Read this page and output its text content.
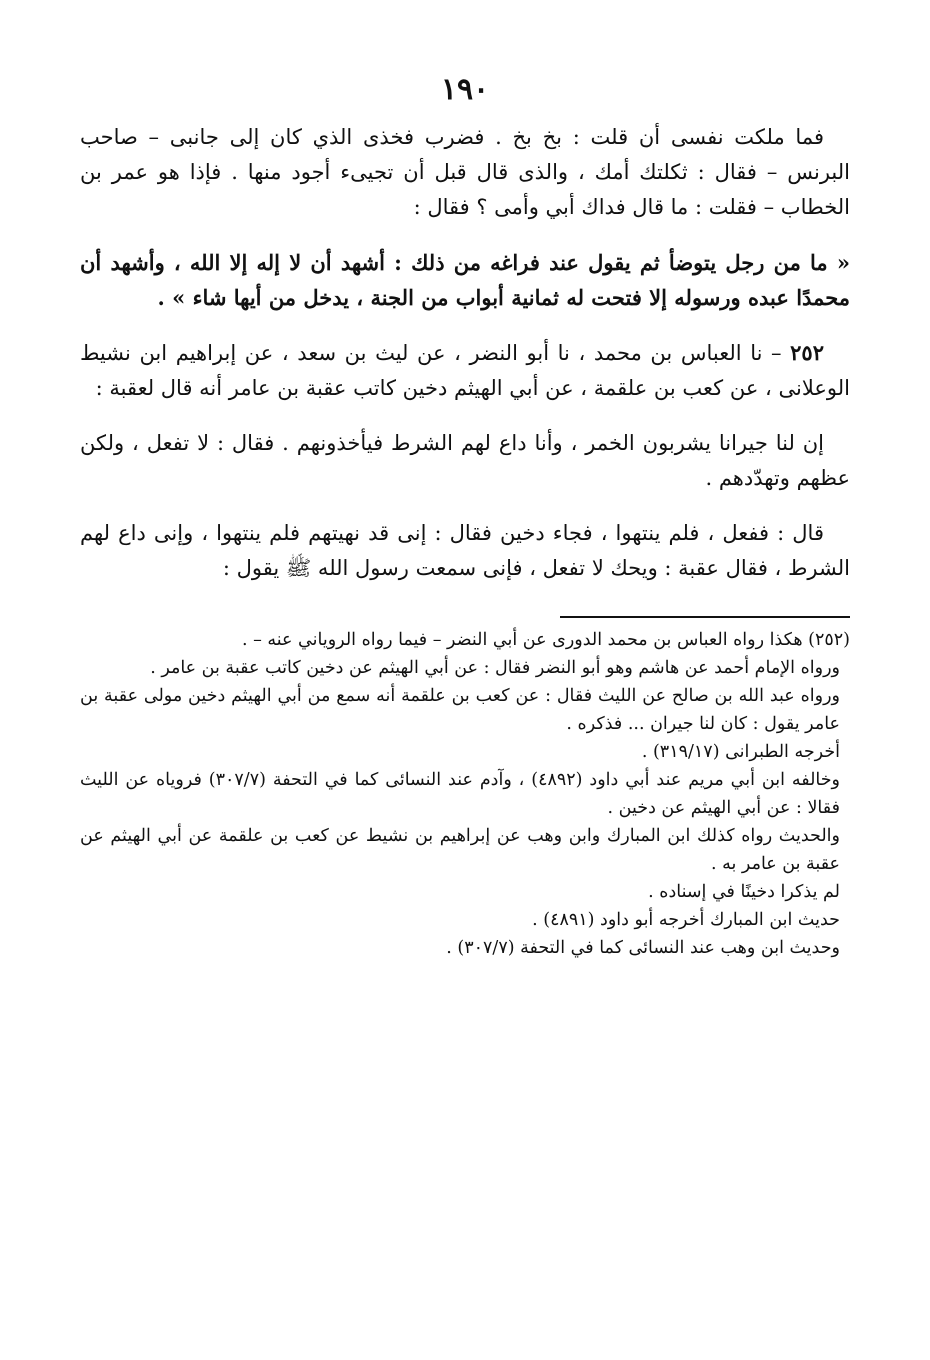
١٩٠

فما ملكت نفسى أن قلت : بخ بخ . فضرب فخذى الذي كان إلى جانبى – صاحب البرنس – فقال : ثكلتك أمك ، والذى قال قبل أن تجيىء أجود منها . فإذا هو عمر بن الخطاب – فقلت : ما قال فداك أبي وأمى ؟ فقال :

« ما من رجل يتوضأ ثم يقول عند فراغه من ذلك : أشهد أن لا إله إلا الله ، وأشهد أن محمدًا عبده ورسوله إلا فتحت له ثمانية أبواب من الجنة ، يدخل من أيها شاء » .

٢٥٢ – نا العباس بن محمد ، نا أبو النضر ، عن ليث بن سعد ، عن إبراهيم ابن نشيط الوعلانى ، عن كعب بن علقمة ، عن أبي الهيثم دخين كاتب عقبة بن عامر أنه قال لعقبة :

إن لنا جيرانا يشربون الخمر ، وأنا داع لهم الشرط فيأخذونهم . فقال : لا تفعل ، ولكن عظهم وتهدّدهم .

قال : ففعل ، فلم ينتهوا ، فجاء دخين فقال : إنى قد نهيتهم فلم ينتهوا ، وإنى داع لهم الشرط ، فقال عقبة : ويحك لا تفعل ، فإنى سمعت رسول الله ﷺ يقول :

(٢٥٢) هكذا رواه العباس بن محمد الدورى عن أبي النضر – فيما رواه الروياني عنه – .

ورواه الإمام أحمد عن هاشم وهو أبو النضر فقال : عن أبي الهيثم عن دخين كاتب عقبة بن عامر .

ورواه عبد الله بن صالح عن الليث فقال : عن كعب بن علقمة أنه سمع من أبي الهيثم دخين مولى عقبة بن عامر يقول : كان لنا جيران ... فذكره .

أخرجه الطبرانى (٣١٩/١٧) .

وخالفه ابن أبي مريم عند أبي داود (٤٨٩٢) ، وآدم عند النسائى كما في التحفة (٣٠٧/٧) فروياه عن الليث فقالا : عن أبي الهيثم عن دخين .

والحديث رواه كذلك ابن المبارك وابن وهب عن إبراهيم بن نشيط عن كعب بن علقمة عن أبي الهيثم عن عقبة بن عامر به .

لم يذكرا دخينًا في إسناده .

حديث ابن المبارك أخرجه أبو داود (٤٨٩١) .

وحديث ابن وهب عند النسائى كما في التحفة (٣٠٧/٧) .
